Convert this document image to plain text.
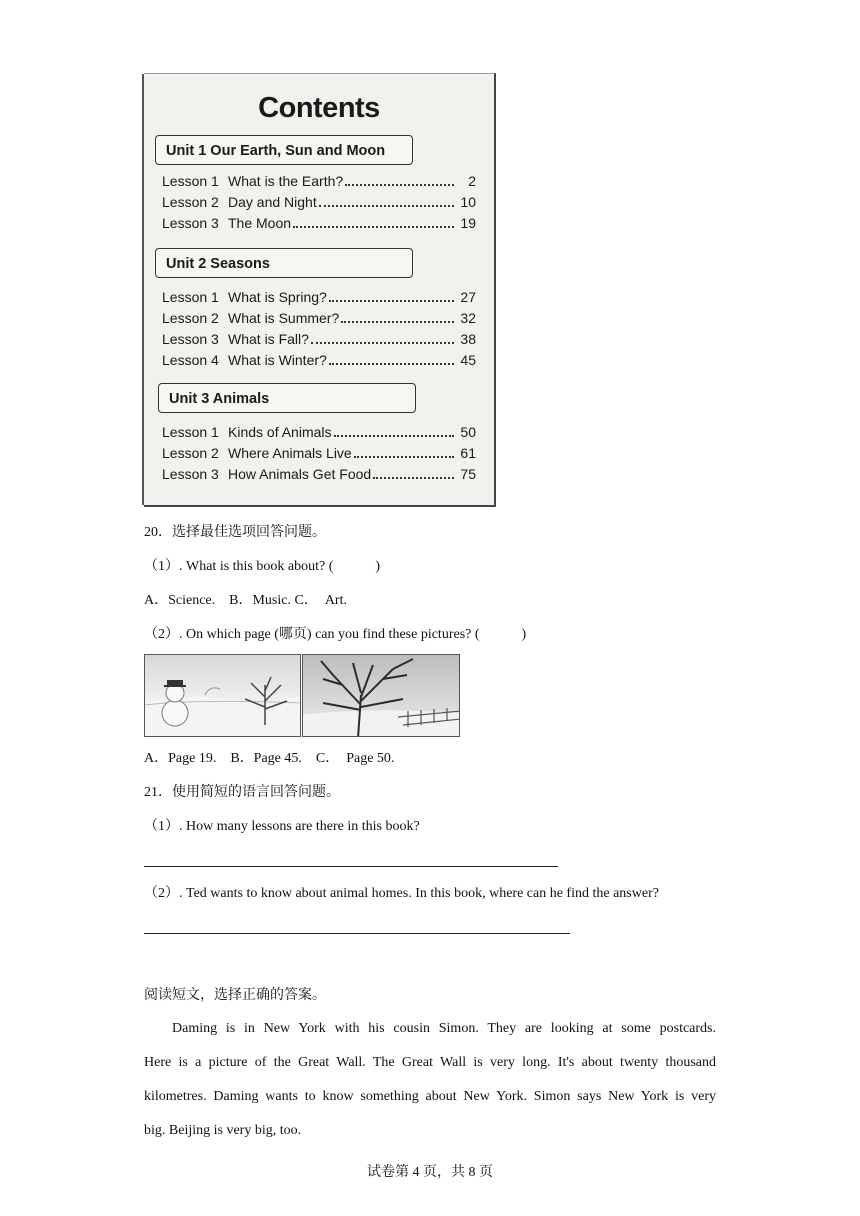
Contents
Unit 1 Our Earth, Sun and Moon
Lesson 1 What is the Earth?	2
Lesson 2 Day and Night	10
Lesson 3 The Moon	19
Unit 2 Seasons
Lesson 1 What is Spring?	27
Lesson 2 What is Summer?	32
Lesson 3 What is Fall?	38
Lesson 4 What is Winter?	45
Unit 3 Animals
Lesson 1 Kinds of Animals	50
Lesson 2 Where Animals Live	61
Lesson 3 How Animals Get Food	75
20．选择最佳选项回答问题。
（1）. What is this book about? (　　　)
A．Science.　B．Music. C．　Art.
（2）. On which page (哪页) can you find these pictures? (　　　)
A．Page 19.　B．Page 45.　C．　Page 50.
21．使用简短的语言回答问题。
（1）. How many lessons are there in this book?
（2）. Ted wants to know about animal homes. In this book, where can he find the answer?
阅读短文，选择正确的答案。
Daming is in New York with his cousin Simon. They are looking at some postcards.
Here is a picture of the Great Wall. The Great Wall is very long. It's about twenty thousand
kilometres. Daming wants to know something about New York. Simon says New York is very
big. Beijing is very big, too.
试卷第 4 页，共 8 页
